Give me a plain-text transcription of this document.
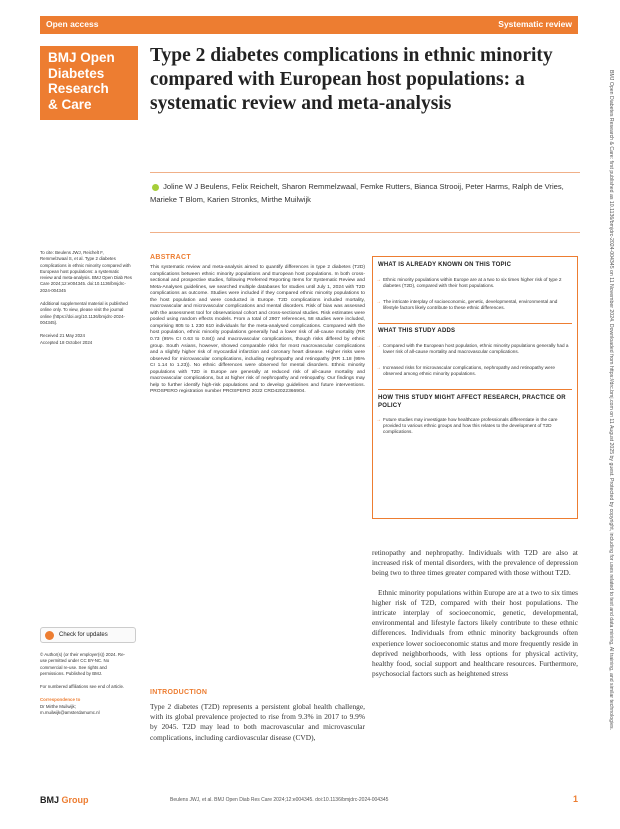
Open access	Systematic review
BMJ Open
Diabetes
Research
& Care
Type 2 diabetes complications in ethnic minority compared with European host populations: a systematic review and meta-analysis
Joline W J Beulens, Felix Reichelt, Sharon Remmelzwaal, Femke Rutters, Bianca Strooij, Peter Harms, Ralph de Vries, Marieke T Blom, Karien Stronks, Mirthe Muilwijk
To cite: Beulens JWJ, Reichelt F, Remmelzwaal S, et al. Type 2 diabetes complications in ethnic minority compared with European host populations: a systematic review and meta-analysis. BMJ Open Diab Res Care 2024;12:e004345. doi:10.1136/bmjdrc-2024-004345
Additional supplemental material is published online only. To view, please visit the journal online (https://doi.org/10.1136/bmjdrc-2024-004345).
Received 21 May 2024
Accepted 18 October 2024
Check for updates
© Author(s) (or their employer(s)) 2024. Re-use permitted under CC BY-NC. No commercial re-use. See rights and permissions. Published by BMJ.
For numbered affiliations see end of article.
Correspondence to
Dr Mirthe Muilwijk; m.muilwijk@amsterdamumc.nl
ABSTRACT
This systematic review and meta-analysis aimed to quantify differences in type 2 diabetes (T2D) complications between ethnic minority populations and European host populations. In both cross-sectional and prospective studies, following Preferred Reporting Items for Systematic Review and Meta-Analyses guidelines, we searched multiple databases for studies until July 1, 2024 with T2D complications as outcome. Studies were included if they compared ethnic minority populations to the host population and were conducted in Europe. T2D complications included mortality, macrovascular and microvascular complications and mental disorders. Risk of bias was assessed with the assessment tool for observational cohort and cross-sectional studies. Risk estimates were pooled using random effects models. From a total of 2907 references, 58 studies were included, comprising 805 to 1 230 610 individuals for the meta-analysed complications. Compared with the host population, ethnic minority populations generally had a lower risk of all-cause mortality (RR 0.73 (95% CI 0.63 to 0.84)) and macrovascular complications, though risks differed by ethnic group. South Asians, however, showed comparable risks for most macrovascular complications and a slightly higher risk of myocardial infarction and coronary heart disease. Higher risks were observed for microvascular complications, including nephropathy and retinopathy (RR 1.18 (95% CI 1.14 to 1.23)). No ethnic differences were observed for mental disorders. Ethnic minority populations with T2D in Europe are generally at reduced risk of all-cause mortality and macrovascular complications, but at higher risk of nephropathy and retinopathy. Our findings may help to further identify high-risk populations and to develop guidelines and future interventions. PROSPERO registration number PROSPERO 2022 CRD42022366904.
WHAT IS ALREADY KNOWN ON THIS TOPIC
→ Ethnic minority populations within Europe are at a two to six times higher risk of type 2 diabetes (T2D), compared with their host populations.
→ The intricate interplay of socioeconomic, genetic, developmental, environmental and lifestyle factors likely contribute to these ethnic differences.
WHAT THIS STUDY ADDS
→ Compared with the European host population, ethnic minority populations generally had a lower risk of all-cause mortality and macrovascular complications.
→ Increased risks for microvascular complications, nephropathy and retinopathy were observed among ethnic minority populations.
HOW THIS STUDY MIGHT AFFECT RESEARCH, PRACTICE OR POLICY
→ Future studies may investigate how healthcare professionals differentiate in the care provided to various ethnic groups and how this relates to the development of T2D complications.
INTRODUCTION
Type 2 diabetes (T2D) represents a persistent global health challenge, with its global prevalence projected to rise from 9.3% in 2017 to 9.9% by 2045. T2D may lead to both macrovascular and microvascular complications, including cardiovascular disease (CVD),

retinopathy and nephropathy. Individuals with T2D are also at increased risk of mental disorders, with the prevalence of depression being two to three times greater compared with those without T2D.

Ethnic minority populations within Europe are at a two to six times higher risk of T2D, compared with their host populations. The intricate interplay of socioeconomic, genetic, developmental, environmental and lifestyle factors likely contribute to these ethnic differences. Individuals from ethnic minority backgrounds often experience lower socioeconomic status and more frequently reside in deprived neighborhoods, with less options for physical activity, healthy food, social support and healthcare resources. Furthermore, psychosocial factors such as heightened stress	BMJ Open Diabetes Research & Care: first published as 10.1136/bmjdrc-2024-004345 on 11 November 2024. Downloaded from https://drc.bmj.com on 11 August 2025 by guest. Protected by copyright, including for uses related to text and data mining, AI training, and similar technologies.
BMJ Group	Beulens JWJ, et al. BMJ Open Diab Res Care 2024;12:e004345. doi:10.1136/bmjdrc-2024-004345	1
